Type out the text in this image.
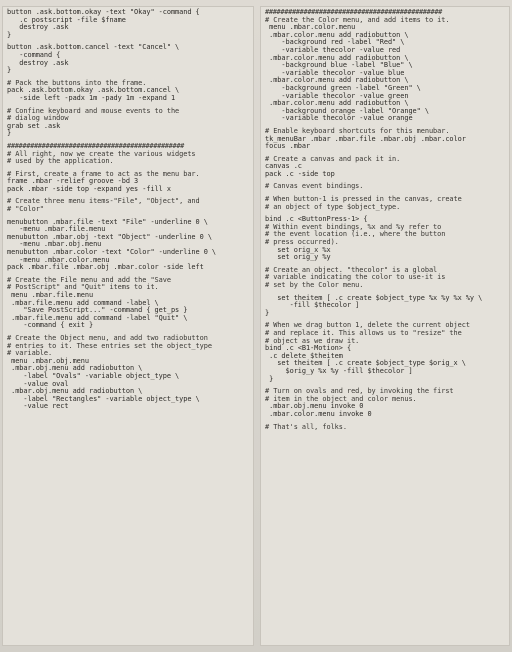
button .ask.bottom.okay -text "Okay" -command {
.c postscript -file $fname
destroy .ask
}
button .ask.bottom.cancel -text "Cancel" \
-command {
destroy .ask
}
# Pack the buttons into the frame.
pack .ask.bottom.okay .ask.bottom.cancel \
-side left -padx 1m -pady 1m -expand 1
# Confine keyboard and mouse events to the
# dialog window
grab set .ask
}
##############################################
# All right, now we create the various widgets
# used by the application.
# First, create a frame to act as the menu bar.
frame .mbar -relief groove -bd 3
pack .mbar -side top -expand yes -fill x
# Create three menu items-"File", "Object", and
# "Color"
menubutton .mbar.file -text "File" -underline 0 \
-menu .mbar.file.menu
menubutton .mbar.obj -text "Object" -underline 0 \
-menu .mbar.obj.menu
menubutton .mbar.color -text "Color" -underline 0 \
-menu .mbar.color.menu
pack .mbar.file .mbar.obj .mbar.color -side left
# Create the File menu and add the "Save
# PostScript" and "Quit" items to it.
menu .mbar.file.menu
.mbar.file.menu add command -label \
"Save PostScript..." -command { get_ps }
.mbar.file.menu add command -label "Quit" \
-command { exit }
# Create the Object menu, and add two radiobutton
# entries to it. These entries set the object_type
# variable.
menu .mbar.obj.menu
.mbar.obj.menu add radiobutton \
-label "Ovals" -variable object_type \
-value oval
.mbar.obj.menu add radiobutton \
-label "Rectangles" -variable object_type \
-value rect
##############################################
# Create the Color menu, and add items to it.
menu .mbar.color.menu
.mbar.color.menu add radiobutton \
-background red -label "Red" \
-variable thecolor -value red
.mbar.color.menu add radiobutton \
-background blue -label "Blue" \
-variable thecolor -value blue
.mbar.color.menu add radiobutton \
-background green -label "Green" \
-variable thecolor -value green
.mbar.color.menu add radiobutton \
-background orange -label "Orange" \
-variable thecolor -value orange
# Enable keyboard shortcuts for this menubar.
tk_menuBar .mbar .mbar.file .mbar.obj .mbar.color
focus .mbar
# Create a canvas and pack it in.
canvas .c
pack .c -side top
# Canvas event bindings.
# When button-1 is pressed in the canvas, create
# an object of type $object_type.
bind .c <ButtonPress-1> {
# Within event bindings, %x and %y refer to
# the event location (i.e., where the button
# press occurred).
set orig_x %x
set orig_y %y
# Create an object. "thecolor" is a global
# variable indicating the color to use-it is
# set by the Color menu.
set theitem [ .c create $object_type %x %y %x %y \
-fill $thecolor ]
}
# When we drag button 1, delete the current object
# and replace it. This allows us to "resize" the
# object as we draw it.
bind .c <B1-Motion> {
.c delete $theitem
set theitem [ .c create $object_type $orig_x \
$orig_y %x %y -fill $thecolor ]
}
# Turn on ovals and red, by invoking the first
# item in the object and color menus.
.mbar.obj.menu invoke 0
.mbar.color.menu invoke 0
# That's all, folks.
